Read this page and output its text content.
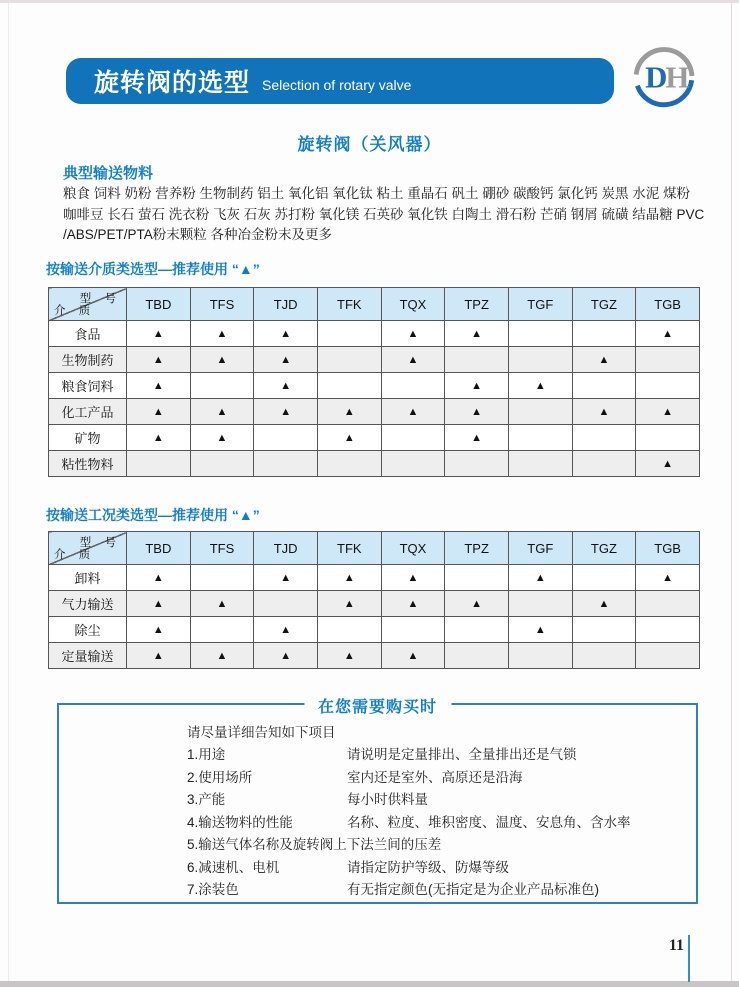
旋转阀的选型 Selection of rotary valve	D
H
旋转阀（关风器）
典型输送物料
粮食 饲料 奶粉 营养粉 生物制药 铝土 氧化铝 氧化钛 粘土 重晶石 矾土 硼砂 碳酸钙 氯化钙 炭黑 水泥 煤粉 咖啡豆 长石 萤石 洗衣粉 飞灰 石灰 苏打粉 氧化镁 石英砂 氧化铁 白陶土 滑石粉 芒硝 钢屑 硫磺 结晶糖 PVC /ABS/PET/PTA粉末颗粒 各种冶金粉末及更多
按输送介质类选型—推荐使用 “▲”
型 号
介 质	TBD	TFS	TJD	TFK	TQX	TPZ	TGF	TGZ	TGB
食品	▲	▲	▲		▲	▲			▲
生物制药	▲	▲	▲		▲			▲	
粮食饲料	▲		▲			▲	▲		
化工产品	▲	▲	▲	▲	▲	▲		▲	▲
矿物	▲	▲		▲		▲			
粘性物料									▲
按输送工况类选型—推荐使用 “▲”
型 号
介 质	TBD	TFS	TJD	TFK	TQX	TPZ	TGF	TGZ	TGB
卸料	▲		▲	▲	▲		▲		▲
气力输送	▲	▲		▲	▲	▲		▲	
除尘	▲		▲				▲		
定量输送	▲	▲	▲	▲	▲				
在您需要购买时
请尽量详细告知如下项目
1.用途	请说明是定量排出、全量排出还是气锁
2.使用场所	室内还是室外、高原还是沿海
3.产能	每小时供料量
4.输送物料的性能	名称、粒度、堆积密度、温度、安息角、含水率
5.输送气体名称及旋转阀上下法兰间的压差
6.减速机、电机	请指定防护等级、防爆等级
7.涂装色	有无指定颜色(无指定是为企业产品标准色)
11
